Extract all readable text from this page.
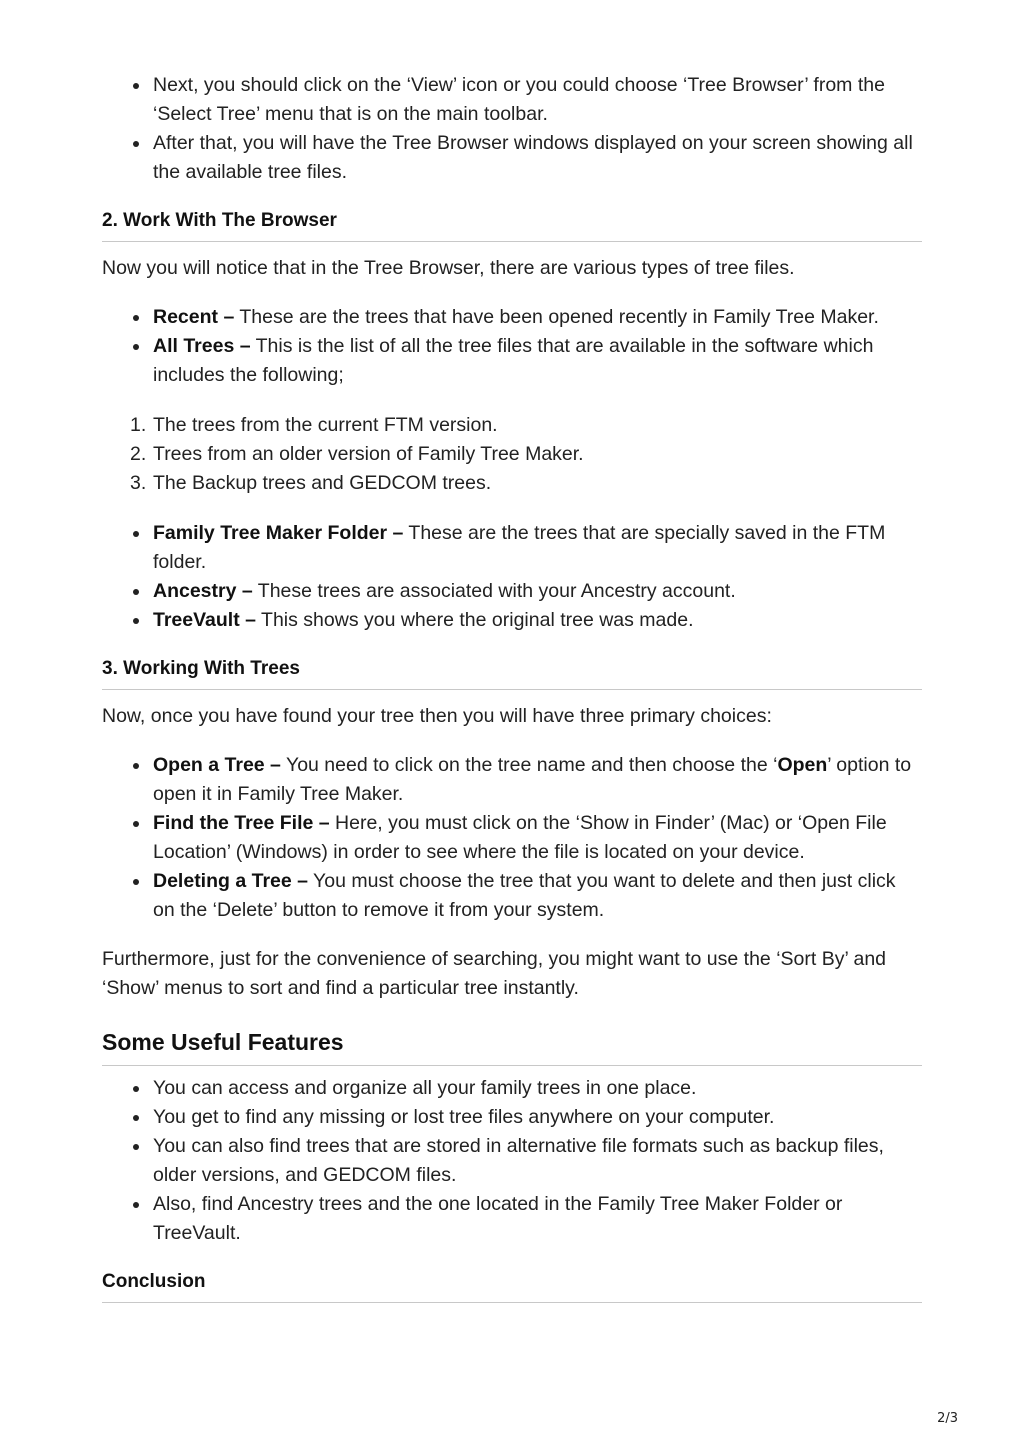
Next, you should click on the ‘View’ icon or you could choose ‘Tree Browser’ from the ‘Select Tree’ menu that is on the main toolbar.
After that, you will have the Tree Browser windows displayed on your screen showing all the available tree files.
2. Work With The Browser

Now you will notice that in the Tree Browser, there are various types of tree files.

Recent – These are the trees that have been opened recently in Family Tree Maker.
All Trees – This is the list of all the tree files that are available in the software which includes the following;
1. The trees from the current FTM version.
2. Trees from an older version of Family Tree Maker.
3. The Backup trees and GEDCOM trees.
Family Tree Maker Folder – These are the trees that are specially saved in the FTM folder.
Ancestry – These trees are associated with your Ancestry account.
TreeVault – This shows you where the original tree was made.
3. Working With Trees

Now, once you have found your tree then you will have three primary choices:

Open a Tree – You need to click on the tree name and then choose the ‘Open’ option to open it in Family Tree Maker.
Find the Tree File – Here, you must click on the ‘Show in Finder’ (Mac) or ‘Open File Location’ (Windows) in order to see where the file is located on your device.
Deleting a Tree – You must choose the tree that you want to delete and then just click on the ‘Delete’ button to remove it from your system.

Furthermore, just for the convenience of searching, you might want to use the ‘Sort By’ and ‘Show’ menus to sort and find a particular tree instantly.

Some Useful Features
You can access and organize all your family trees in one place.
You get to find any missing or lost tree files anywhere on your computer.
You can also find trees that are stored in alternative file formats such as backup files, older versions, and GEDCOM files.
Also, find Ancestry trees and the one located in the Family Tree Maker Folder or TreeVault.
Conclusion
2/3
